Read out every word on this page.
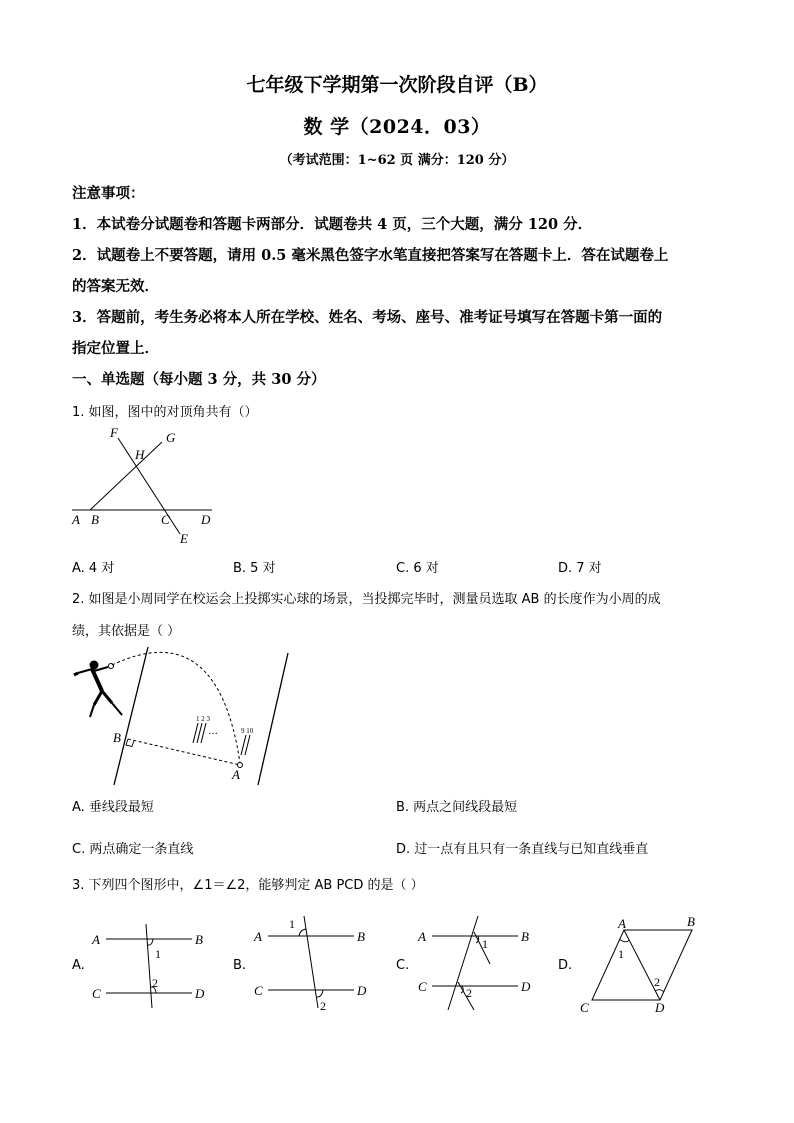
七年级下学期第一次阶段自评（B）
数 学（2024．03）
（考试范围：1~62 页 满分：120 分）
注意事项：
1．本试卷分试题卷和答题卡两部分．试题卷共 4 页，三个大题，满分 120 分．
2．试题卷上不要答题，请用 0.5 毫米黑色签字水笔直接把答案写在答题卡上．答在试题卷上
的答案无效．
3．答题前，考生务必将本人所在学校、姓名、考场、座号、准考证号填写在答题卡第一面的
指定位置上．
一、单选题（每小题 3 分，共 30 分）
1. 如图，图中的对顶角共有（）
F	G
H
A B	C D
E
A. 4 对	B. 5 对	C. 6 对	D. 7 对
2. 如图是小周同学在校运会上投掷实心球的场景，当投掷完毕时，测量员选取 AB 的长度作为小周的成
绩，其依据是（ ）
···
1 2 3
9 10
B
A
A. 垂线段最短	B. 两点之间线段最短
C. 两点确定一条直线	D. 过一点有且只有一条直线与已知直线垂直
3. 下列四个图形中，∠1＝∠2，能够判定 AB PCD 的是（ ）
A.
A	B
C	D
1
2
B.
A	B
C	D
1
2
C.
A	B
C	D
1
2
D.
A	B
C	D
1
2
